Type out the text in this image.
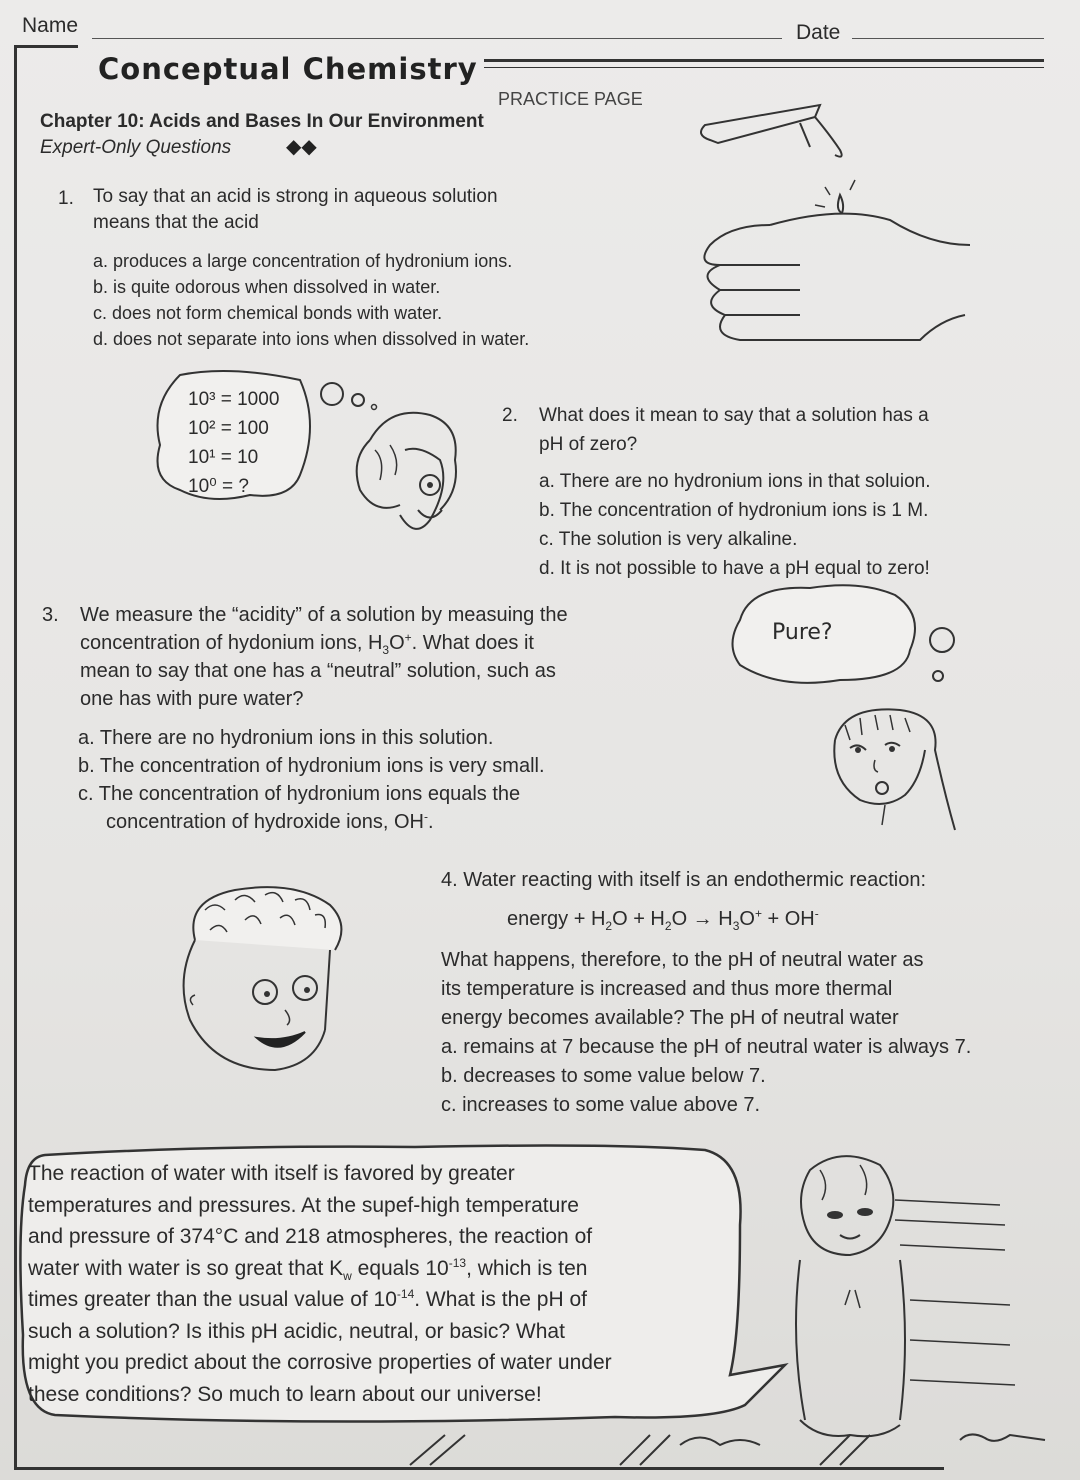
Name	Date
Conceptual Chemistry
PRACTICE PAGE
Chapter 10: Acids and Bases In Our Environment
Expert-Only Questions	◆◆
1. To say that an acid is strong in aqueous solution
means that the acid
a. produces a large concentration of hydronium ions.
b. is quite odorous when dissolved in water.
c. does not form chemical bonds with water.
d. does not separate into ions when dissolved in water.
10³ = 1000
10² = 100
10¹ = 10
10⁰ = ?
2. What does it mean to say that a solution has a
pH of zero?
a. There are no hydronium ions in that soluion.
b. The concentration of hydronium ions is 1 M.
c. The solution is very alkaline.
d. It is not possible to have a pH equal to zero!
3. We measure the “acidity” of a solution by measuing the
concentration of hydonium ions, $H_3O^+$. What does it
mean to say that one has a “neutral” solution, such as
one has with pure water?
a. There are no hydronium ions in this solution.
b. The concentration of hydronium ions is very small.
c. The concentration of hydronium ions equals the
concentration of hydroxide ions, OH-.
Pure?
4. Water reacting with itself is an endothermic reaction:
energy + $H_2O + H_2O \to H_3O^+ + OH^-$
What happens, therefore, to the pH of neutral water as
its temperature is increased and thus more thermal
energy becomes available? The pH of neutral water
a. remains at 7 because the pH of neutral water is always 7.
b. decreases to some value below 7.
c. increases to some value above 7.
The reaction of water with itself is favored by greater
temperatures and pressures. At the supef-high temperature
and pressure of 374°C and 218 atmospheres, the reaction of
water with water is so great that $K_w$ equals $10^{-13}$, which is ten
times greater than the usual value of $10^{-14}$. What is the pH of
such a solution? Is ithis pH acidic, neutral, or basic? What
might you predict about the corrosive properties of water under
these conditions? So much to learn about our universe!
